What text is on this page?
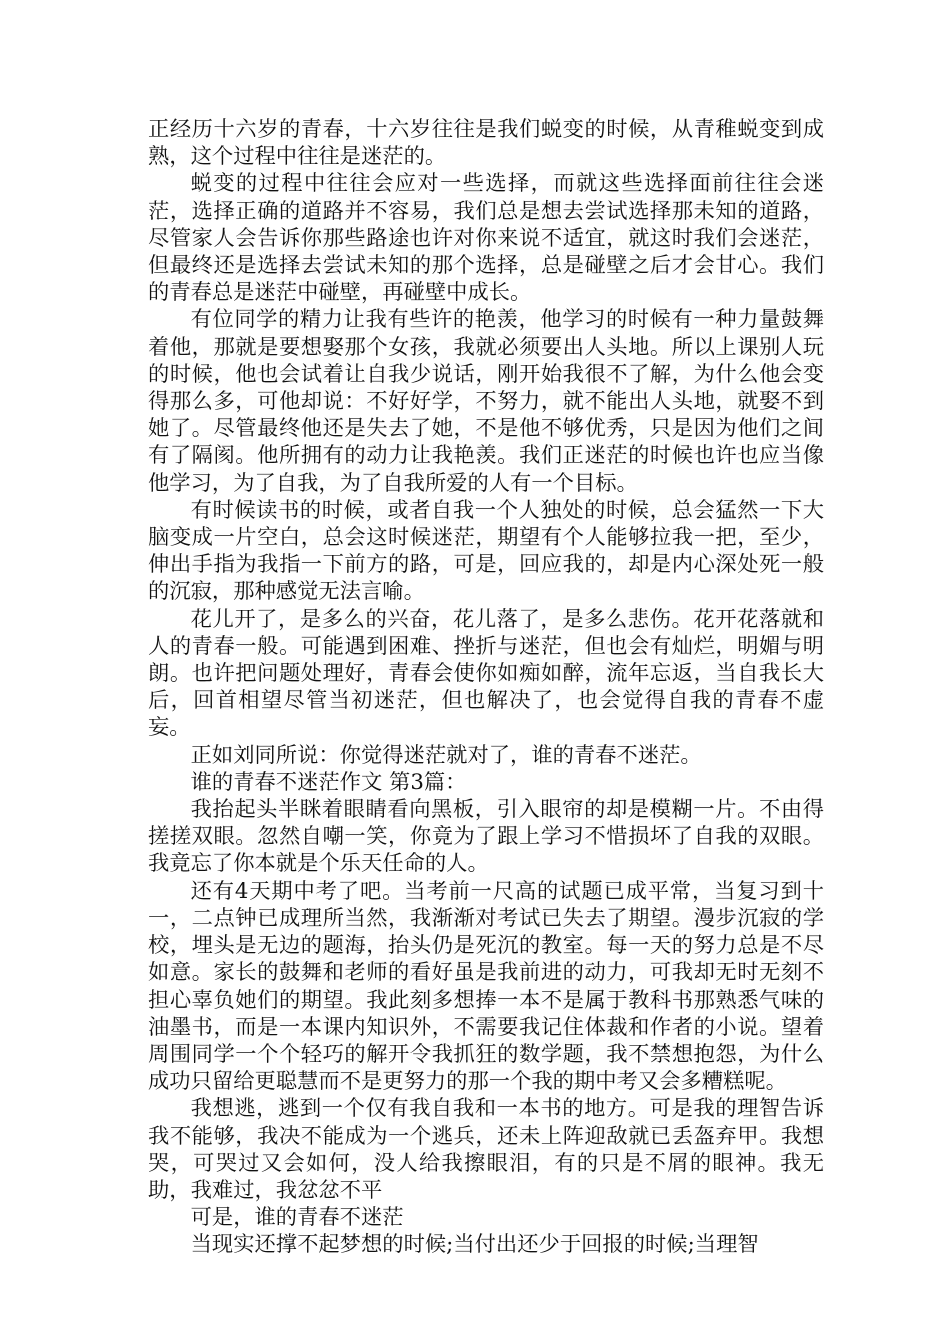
正经历十六岁的青春，十六岁往往是我们蜕变的时候，从青稚蜕变到成熟，这个过程中往往是迷茫的。

蜕变的过程中往往会应对一些选择，而就这些选择面前往往会迷茫，选择正确的道路并不容易，我们总是想去尝试选择那未知的道路，尽管家人会告诉你那些路途也许对你来说不适宜，就这时我们会迷茫，但最终还是选择去尝试未知的那个选择，总是碰壁之后才会甘心。我们的青春总是迷茫中碰壁，再碰壁中成长。

有位同学的精力让我有些许的艳羡，他学习的时候有一种力量鼓舞着他，那就是要想娶那个女孩，我就必须要出人头地。所以上课别人玩的时候，他也会试着让自我少说话，刚开始我很不了解，为什么他会变得那么多，可他却说：不好好学，不努力，就不能出人头地，就娶不到她了。尽管最终他还是失去了她，不是他不够优秀，只是因为他们之间有了隔阂。他所拥有的动力让我艳羡。我们正迷茫的时候也许也应当像他学习，为了自我，为了自我所爱的人有一个目标。

有时候读书的时候，或者自我一个人独处的时候，总会猛然一下大脑变成一片空白，总会这时候迷茫，期望有个人能够拉我一把，至少，伸出手指为我指一下前方的路，可是，回应我的，却是内心深处死一般的沉寂，那种感觉无法言喻。

花儿开了，是多么的兴奋，花儿落了，是多么悲伤。花开花落就和人的青春一般。可能遇到困难、挫折与迷茫，但也会有灿烂，明媚与明朗。也许把问题处理好，青春会使你如痴如醉，流年忘返，当自我长大后，回首相望尽管当初迷茫，但也解决了，也会觉得自我的青春不虚妄。

正如刘同所说：你觉得迷茫就对了，谁的青春不迷茫。

谁的青春不迷茫作文 第3篇：

我抬起头半眯着眼睛看向黑板，引入眼帘的却是模糊一片。不由得搓搓双眼。忽然自嘲一笑，你竟为了跟上学习不惜损坏了自我的双眼。我竟忘了你本就是个乐天任命的人。

还有4天期中考了吧。当考前一尺高的试题已成平常，当复习到十一，二点钟已成理所当然，我渐渐对考试已失去了期望。漫步沉寂的学校，埋头是无边的题海，抬头仍是死沉的教室。每一天的努力总是不尽如意。家长的鼓舞和老师的看好虽是我前进的动力，可我却无时无刻不担心辜负她们的期望。我此刻多想捧一本不是属于教科书那熟悉气味的油墨书，而是一本课内知识外，不需要我记住体裁和作者的小说。望着周围同学一个个轻巧的解开令我抓狂的数学题，我不禁想抱怨，为什么成功只留给更聪慧而不是更努力的那一个我的期中考又会多糟糕呢。

我想逃，逃到一个仅有我自我和一本书的地方。可是我的理智告诉我不能够，我决不能成为一个逃兵，还未上阵迎敌就已丢盔弃甲。我想哭，可哭过又会如何，没人给我擦眼泪，有的只是不屑的眼神。我无助，我难过，我忿忿不平

可是，谁的青春不迷茫

当现实还撑不起梦想的时候;当付出还少于回报的时候;当理智
